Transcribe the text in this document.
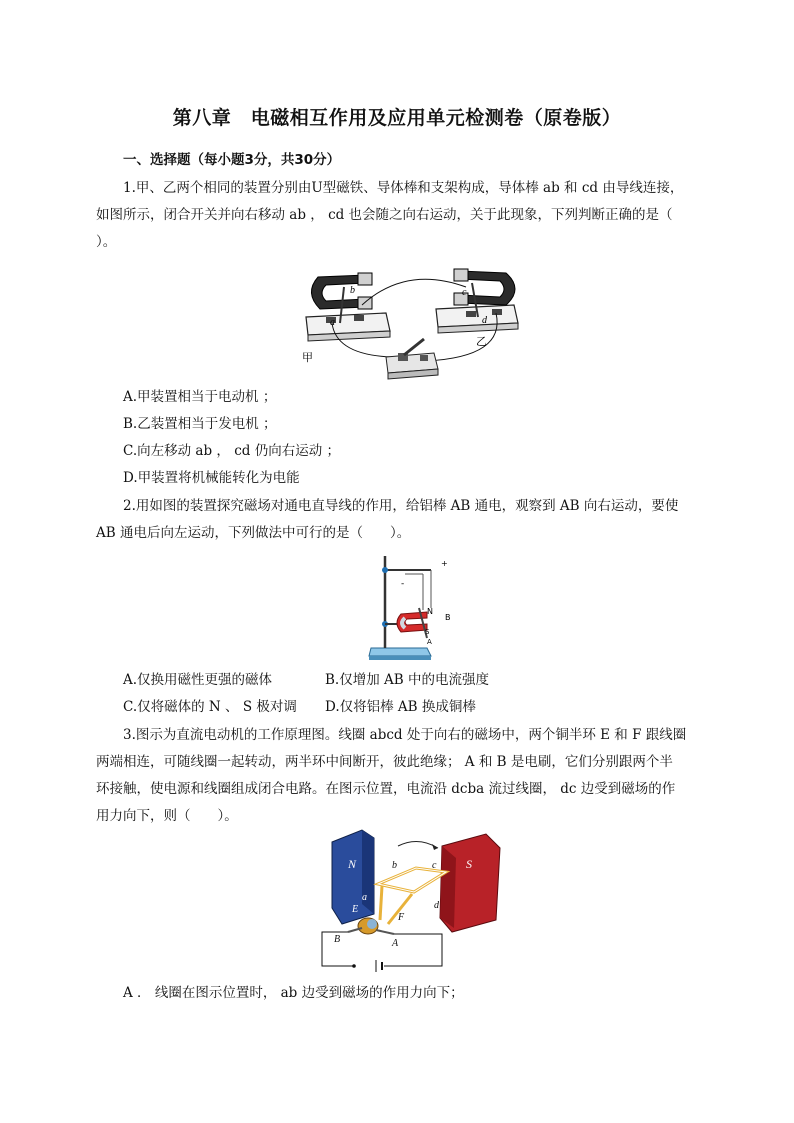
第八章　电磁相互作用及应用单元检测卷（原卷版）
一、选择题（每小题3分，共30分）
1.甲、乙两个相同的装置分别由U型磁铁、导体棒和支架构成，导体棒 ab 和 cd 由导线连接，
如图所示，闭合开关并向右移动 ab ， cd 也会随之向右运动，关于此现象，下列判断正确的是（
）。
b
a
c
d
甲
乙
A.甲装置相当于电动机 ；
B.乙装置相当于发电机 ；
C.向左移动 ab ， cd 仍向右运动 ；
D.甲装置将机械能转化为电能
2.用如图的装置探究磁场对通电直导线的作用，给铝棒 AB 通电，观察到 AB 向右运动，要使
AB 通电后向左运动，下列做法中可行的是（　　）。
+
-
N
B
S
A
A.仅换用磁性更强的磁体	B.仅增加 AB 中的电流强度
C.仅将磁体的 N 、 S 极对调 D.仅将铝棒 AB 换成铜棒
3.图示为直流电动机的工作原理图。线圈 abcd 处于向右的磁场中，两个铜半环 E 和 F 跟线圈
两端相连，可随线圈一起转动，两半环中间断开，彼此绝缘； A 和 B 是电刷，它们分别跟两个半
环接触，使电源和线圈组成闭合电路。在图示位置，电流沿 dcba 流过线圈， dc 边受到磁场的作
用力向下，则（　　）。
N	S
b	c
a
d
E
F
B	A
A ． 线圈在图示位置时， ab 边受到磁场的作用力向下；
